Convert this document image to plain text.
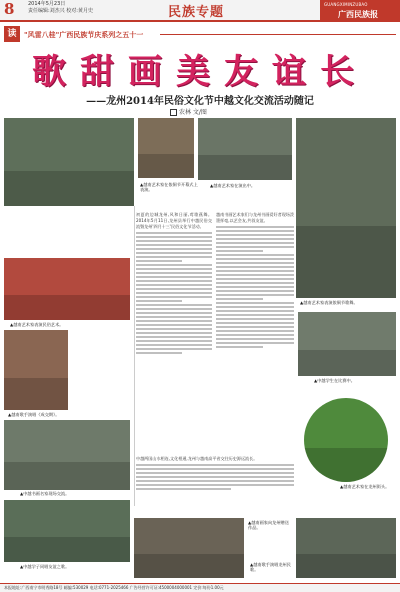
8	2014年5月23日
责任编辑:刘杰兴 校对:黄月史	民族专题
GUANGXIMINZUBAO
广西民族报
读	"风雷八桂"广西民族节庆系列之五十一
歌甜画美友谊长
——龙州2014年民俗文化节中越文化交流活动随记
农林 文/图
▲越南艺术家在侬侗节开幕式上表演。
▲越南艺术家在演出中。
▲越南艺术家表演民俗艺术。
▲越南歌手演唱《成交期》。
▲中越书画名家现场交流。
▲中越学子同唱友谊之歌。
▲越南艺术家表演侬侗节歌舞。
▲中越学生在比赛中。
▲越南艺术家在龙州街头。
▲越南画家向龙州赠送作品。
▲越南歌手演唱龙州民歌。
初夏的边城龙州,风和日丽,莺歌燕舞。2014年5月11日,龙州县举行中越民俗交流暨龙州'四月十三'民俗文化节活动。
越南书画艺术家们与龙州书画爱好者现场泼墨挥毫,以艺会友,共叙友谊。
中越两国山水相连,文化相通,龙州与越南高平省交往历史源远流长。
本报地址:广西南宁市明秀路18号 邮编:530029 电话:0771-2025466 广告经营许可证:4500004000001 定价:每份1.00元
